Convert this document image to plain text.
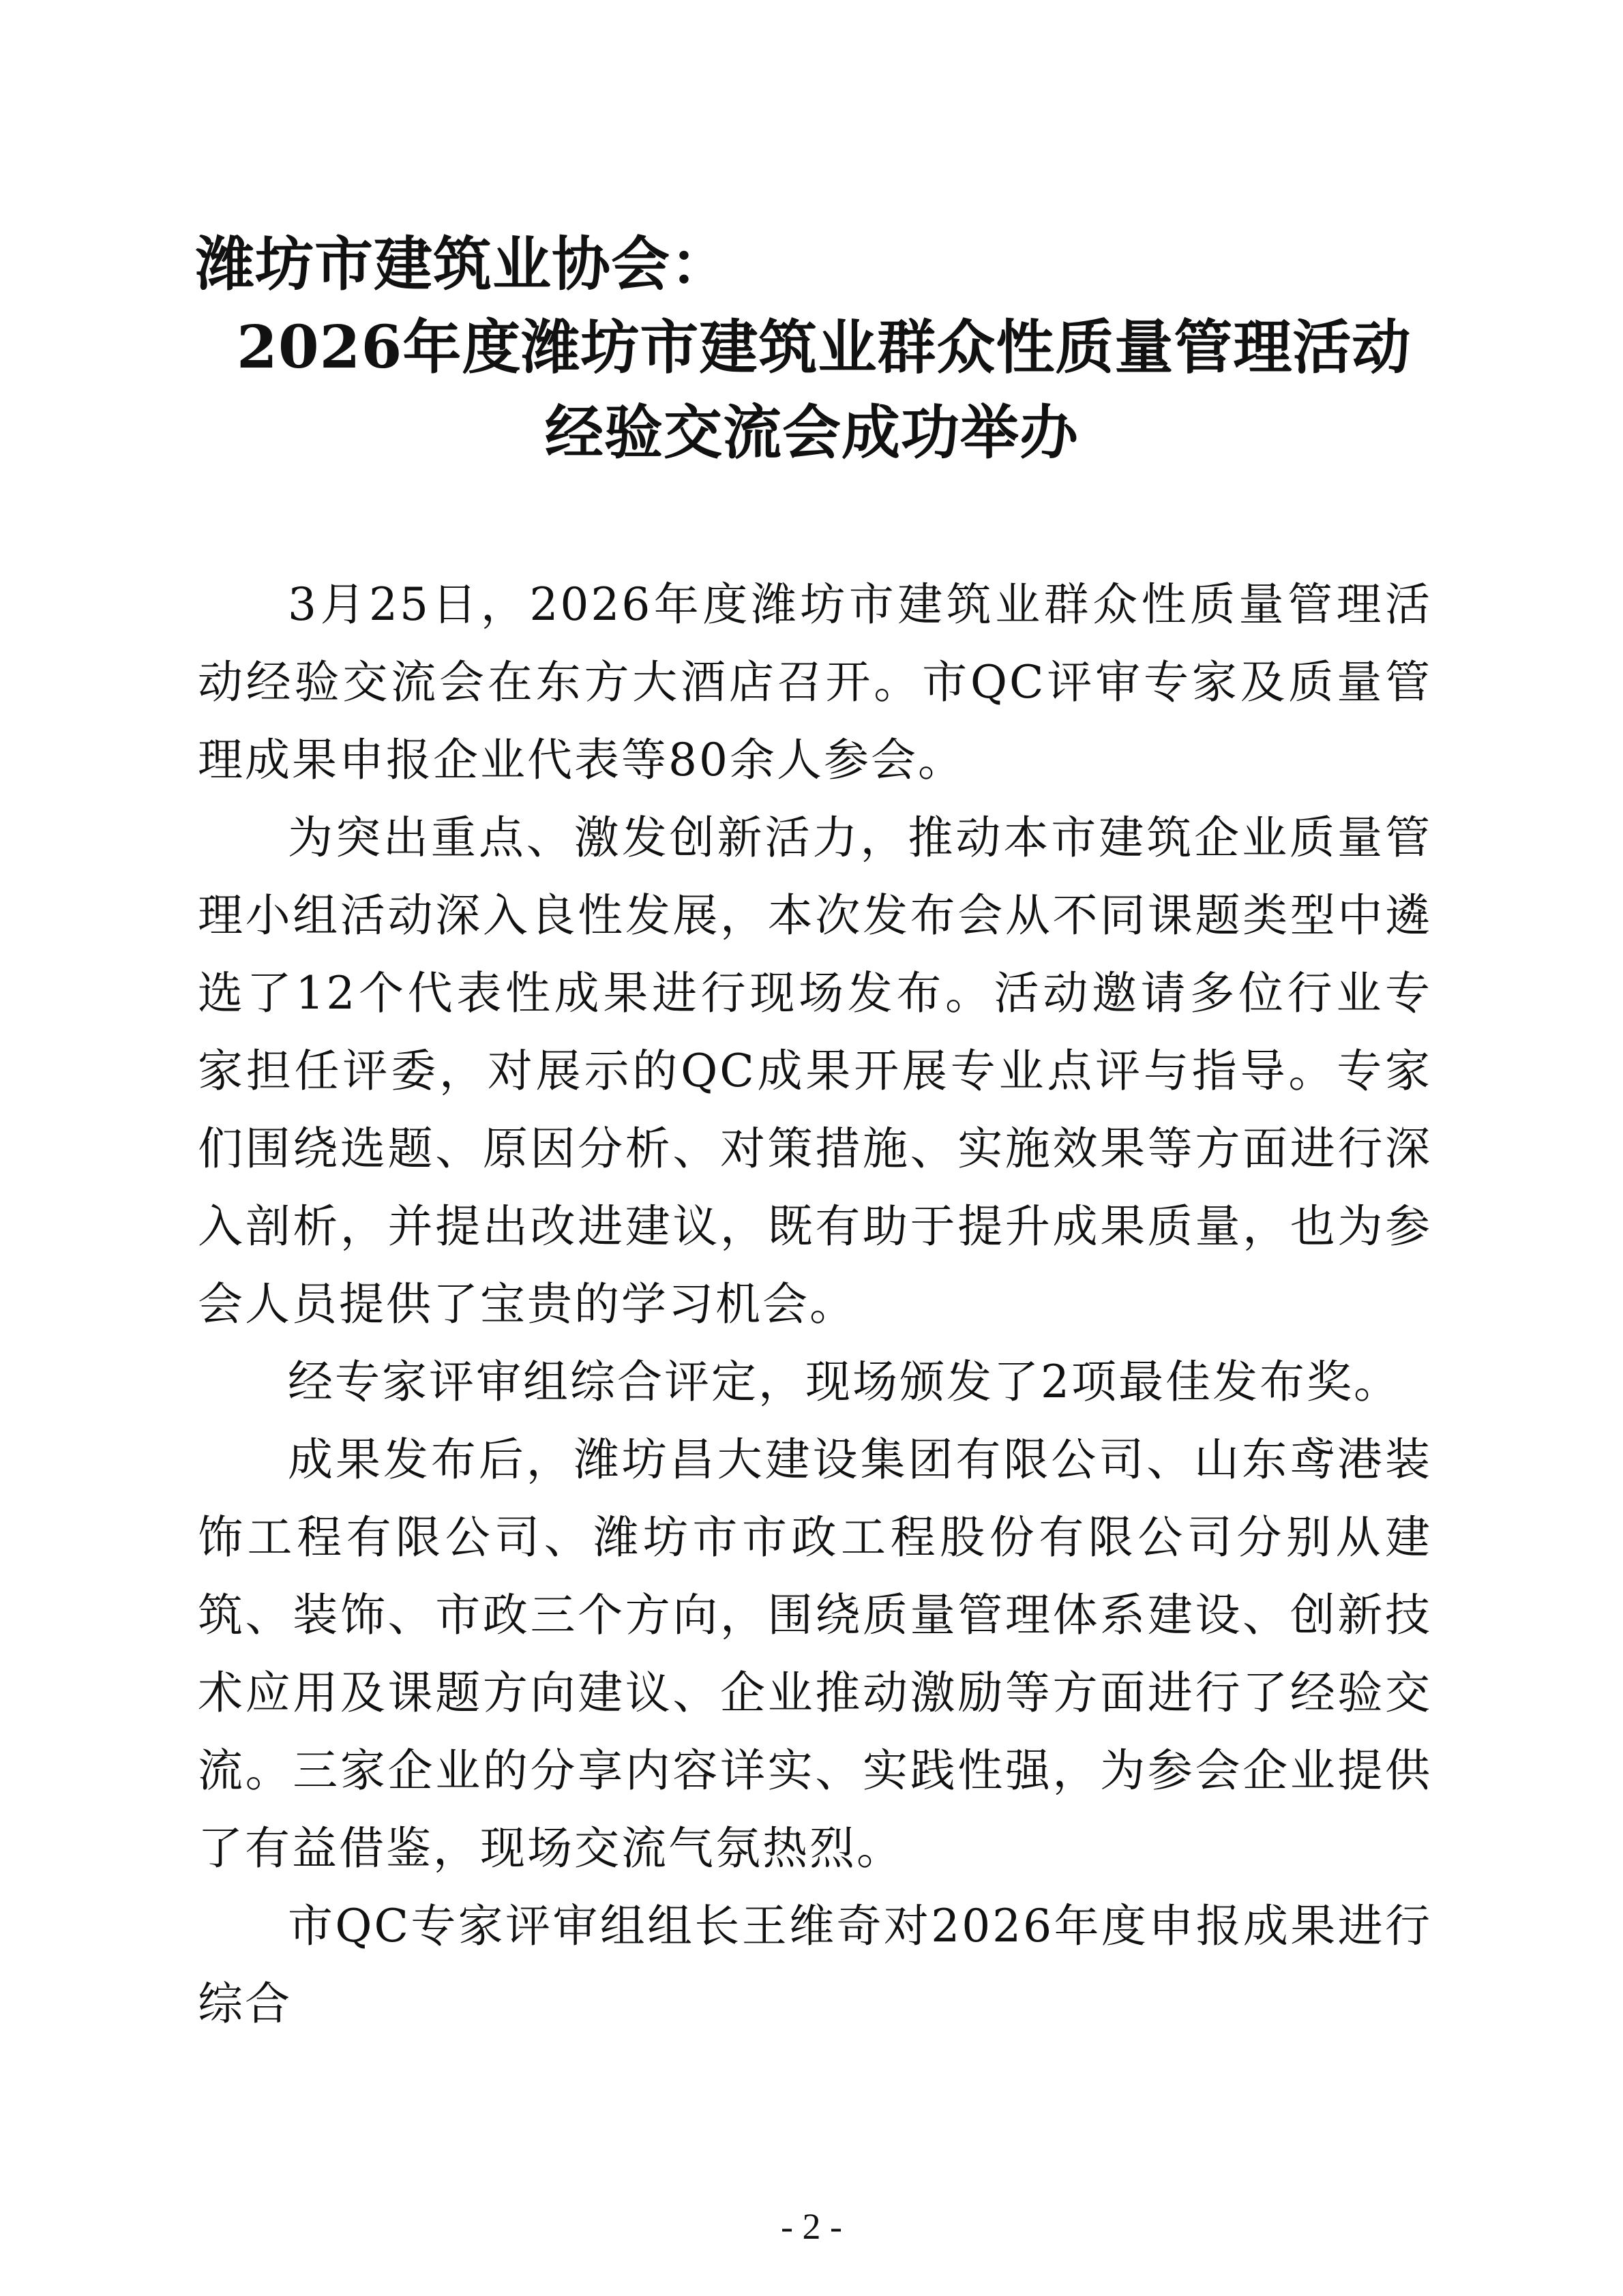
潍坊市建筑业协会：
2026年度潍坊市建筑业群众性质量管理活动
经验交流会成功举办

3月25日，2026年度潍坊市建筑业群众性质量管理活动经验交流会在东方大酒店召开。市QC评审专家及质量管理成果申报企业代表等80余人参会。

为突出重点、激发创新活力，推动本市建筑企业质量管理小组活动深入良性发展，本次发布会从不同课题类型中遴选了12个代表性成果进行现场发布。活动邀请多位行业专家担任评委，对展示的QC成果开展专业点评与指导。专家们围绕选题、原因分析、对策措施、实施效果等方面进行深入剖析，并提出改进建议，既有助于提升成果质量，也为参会人员提供了宝贵的学习机会。

经专家评审组综合评定，现场颁发了2项最佳发布奖。

成果发布后，潍坊昌大建设集团有限公司、山东鸢港装饰工程有限公司、潍坊市市政工程股份有限公司分别从建筑、装饰、市政三个方向，围绕质量管理体系建设、创新技术应用及课题方向建议、企业推动激励等方面进行了经验交流。三家企业的分享内容详实、实践性强，为参会企业提供了有益借鉴，现场交流气氛热烈。

市QC专家评审组组长王维奇对2026年度申报成果进行综合

- 2 -
